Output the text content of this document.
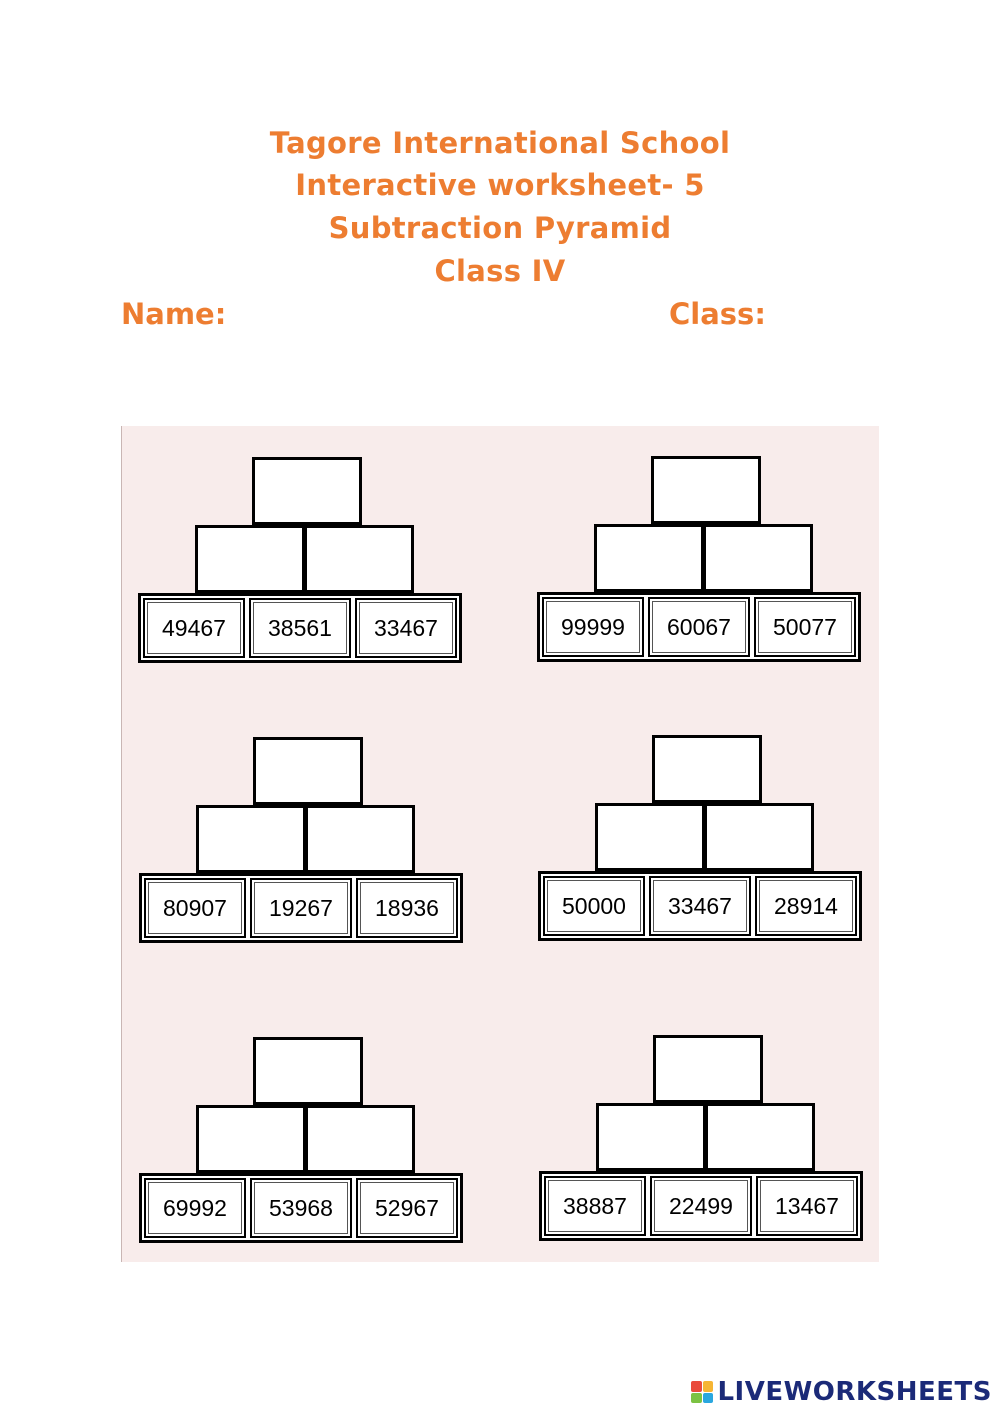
Tagore International School
Interactive worksheet- 5
Subtraction Pyramid
Class IV
Name:	Class:
49467	38561	33467	99999	60067	50077
80907	19267	18936	50000	33467	28914
69992	53968	52967	38887	22499	13467
LIVEWORKSHEETS
